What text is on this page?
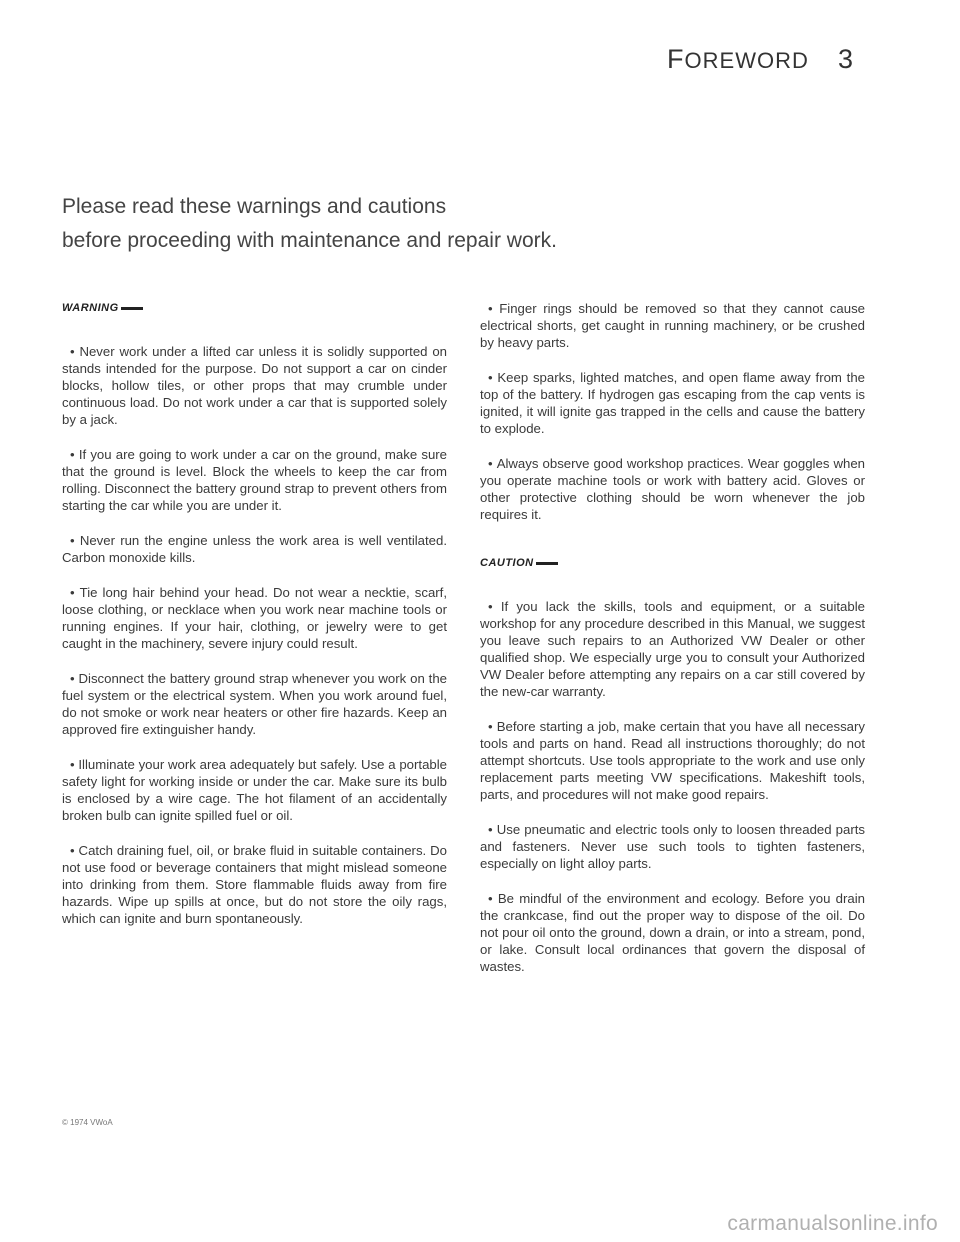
FOREWORD 3
Please read these warnings and cautions
before proceeding with maintenance and repair work.
WARNING

• Never work under a lifted car unless it is solidly supported on stands intended for the purpose. Do not support a car on cinder blocks, hollow tiles, or other props that may crumble under continuous load. Do not work under a car that is supported solely by a jack.

• If you are going to work under a car on the ground, make sure that the ground is level. Block the wheels to keep the car from rolling. Disconnect the battery ground strap to prevent others from starting the car while you are under it.

• Never run the engine unless the work area is well ventilated. Carbon monoxide kills.

• Tie long hair behind your head. Do not wear a necktie, scarf, loose clothing, or necklace when you work near machine tools or running engines. If your hair, clothing, or jewelry were to get caught in the machinery, severe injury could result.

• Disconnect the battery ground strap whenever you work on the fuel system or the electrical system. When you work around fuel, do not smoke or work near heaters or other fire hazards. Keep an approved fire extinguisher handy.

• Illuminate your work area adequately but safely. Use a portable safety light for working inside or under the car. Make sure its bulb is enclosed by a wire cage. The hot filament of an accidentally broken bulb can ignite spilled fuel or oil.

• Catch draining fuel, oil, or brake fluid in suitable containers. Do not use food or beverage containers that might mislead someone into drinking from them. Store flammable fluids away from fire hazards. Wipe up spills at once, but do not store the oily rags, which can ignite and burn spontaneously.

• Finger rings should be removed so that they cannot cause electrical shorts, get caught in running machinery, or be crushed by heavy parts.

• Keep sparks, lighted matches, and open flame away from the top of the battery. If hydrogen gas escaping from the cap vents is ignited, it will ignite gas trapped in the cells and cause the battery to explode.

• Always observe good workshop practices. Wear goggles when you operate machine tools or work with battery acid. Gloves or other protective clothing should be worn whenever the job requires it.

CAUTION

• If you lack the skills, tools and equipment, or a suitable workshop for any procedure described in this Manual, we suggest you leave such repairs to an Authorized VW Dealer or other qualified shop. We especially urge you to consult your Authorized VW Dealer before attempting any repairs on a car still covered by the new-car warranty.

• Before starting a job, make certain that you have all necessary tools and parts on hand. Read all instructions thoroughly; do not attempt shortcuts. Use tools appropriate to the work and use only replacement parts meeting VW specifications. Makeshift tools, parts, and procedures will not make good repairs.

• Use pneumatic and electric tools only to loosen threaded parts and fasteners. Never use such tools to tighten fasteners, especially on light alloy parts.

• Be mindful of the environment and ecology. Before you drain the crankcase, find out the proper way to dispose of the oil. Do not pour oil onto the ground, down a drain, or into a stream, pond, or lake. Consult local ordinances that govern the disposal of wastes.

© 1974 VWoA
carmanualsonline.info
